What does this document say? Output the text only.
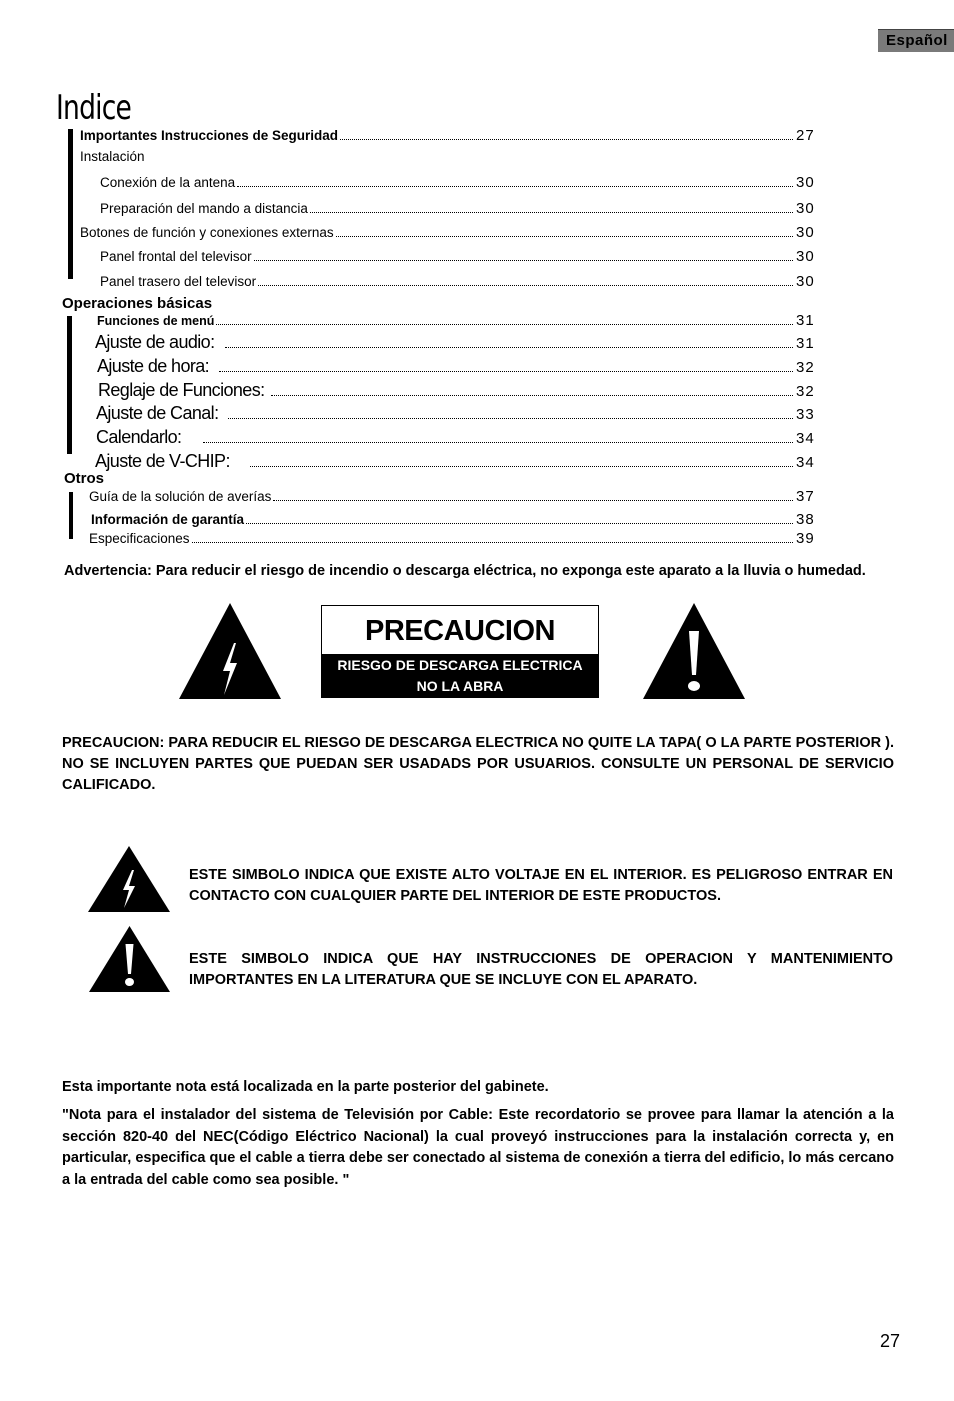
Español
Indice
Importantes Instrucciones de Seguridad	27
Instalación
Conexión de la antena	30
Preparación del mando a distancia	30
Botones de función y conexiones externas	30
Panel frontal del televisor	30
Panel trasero del televisor	30
Operaciones básicas
Funciones de menú	31
Ajuste de audio:	31
Ajuste de hora:	32
Reglaje de Funciones:	32
Ajuste de Canal:	33
Calendarlo:	34
Ajuste de V-CHIP:	34
Otros
Guía de la solución de averías	37
Información de garantía	38
Especificaciones	39
Advertencia: Para reducir el riesgo de incendio o descarga eléctrica, no exponga este aparato a la lluvia o humedad.
PRECAUCION
RIESGO DE DESCARGA ELECTRICA
NO LA ABRA
PRECAUCION: PARA REDUCIR EL RIESGO DE DESCARGA ELECTRICA NO QUITE LA TAPA( O LA PARTE POSTERIOR ). NO SE INCLUYEN PARTES QUE PUEDAN SER USADADS POR USUARIOS. CONSULTE UN PERSONAL DE SERVICIO CALIFICADO.
ESTE SIMBOLO INDICA QUE EXISTE ALTO VOLTAJE EN EL INTERIOR. ES PELIGROSO ENTRAR EN CONTACTO CON CUALQUIER PARTE DEL INTERIOR DE ESTE PRODUCTOS.
ESTE SIMBOLO INDICA QUE HAY INSTRUCCIONES DE OPERACION Y MANTENIMIENTO IMPORTANTES EN LA LITERATURA QUE SE INCLUYE CON EL APARATO.
Esta importante nota está localizada en la parte posterior del gabinete.
"Nota para el instalador del sistema de Televisión por Cable: Este recordatorio se provee para llamar la atención a la sección 820-40 del NEC(Código Eléctrico Nacional) la cual proveyó instrucciones para la instalación correcta y, en particular, especifica que el cable a tierra debe ser conectado al sistema de conexión a tierra del edificio, lo más cercano a la entrada del cable como sea posible. "
27
